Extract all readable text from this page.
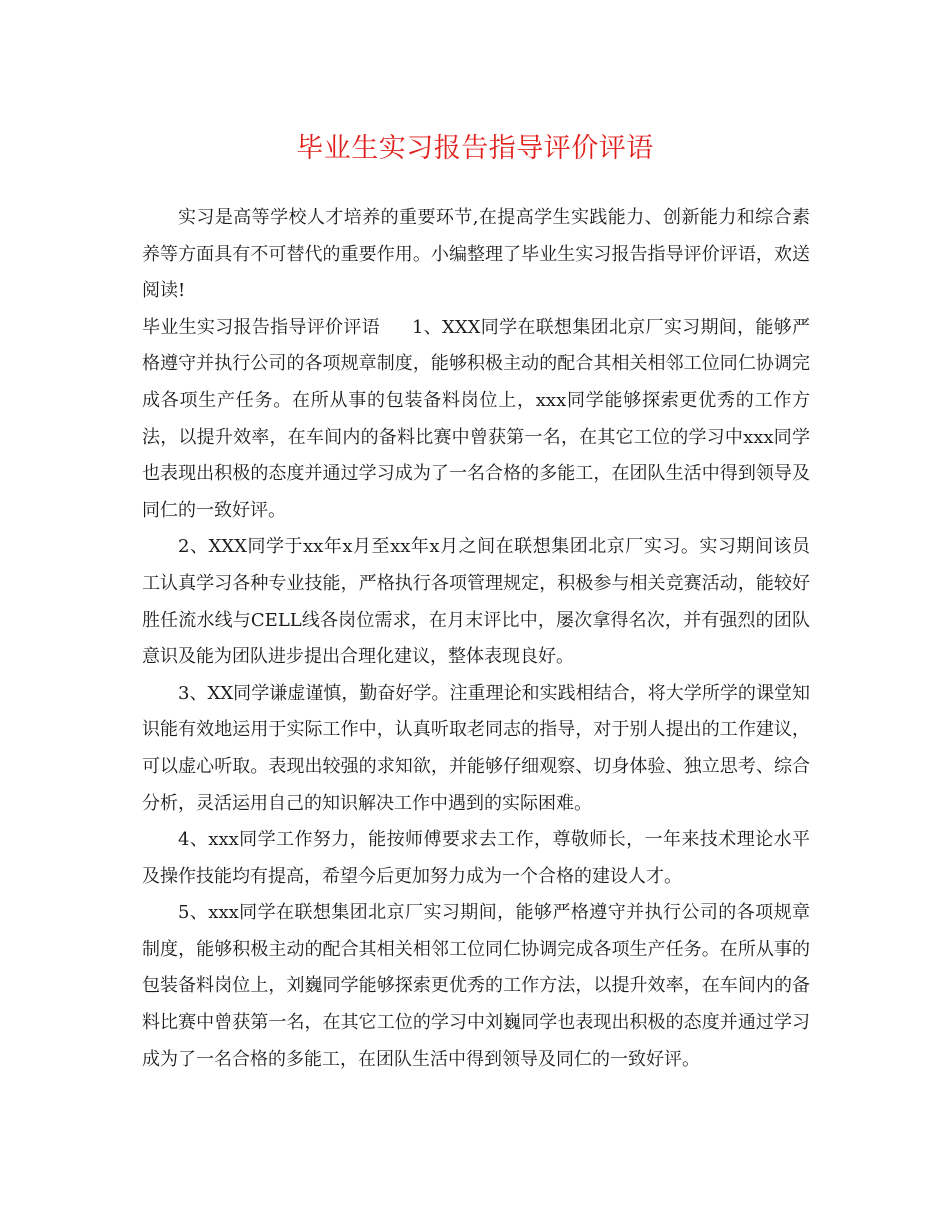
毕业生实习报告指导评价评语

实习是高等学校人才培养的重要环节,在提高学生实践能力、创新能力和综合素养等方面具有不可替代的重要作用。小编整理了毕业生实习报告指导评价评语，欢送阅读!

毕业生实习报告指导评价评语 1、XXX同学在联想集团北京厂实习期间，能够严格遵守并执行公司的各项规章制度，能够积极主动的配合其相关相邻工位同仁协调完成各项生产任务。在所从事的包装备料岗位上，xxx同学能够探索更优秀的工作方法，以提升效率，在车间内的备料比赛中曾获第一名，在其它工位的学习中xxx同学也表现出积极的态度并通过学习成为了一名合格的多能工，在团队生活中得到领导及同仁的一致好评。

2、XXX同学于xx年x月至xx年x月之间在联想集团北京厂实习。实习期间该员工认真学习各种专业技能，严格执行各项管理规定，积极参与相关竞赛活动，能较好胜任流水线与CELL线各岗位需求，在月末评比中，屡次拿得名次，并有强烈的团队意识及能为团队进步提出合理化建议，整体表现良好。

3、XX同学谦虚谨慎，勤奋好学。注重理论和实践相结合，将大学所学的课堂知识能有效地运用于实际工作中，认真听取老同志的指导，对于别人提出的工作建议，可以虚心听取。表现出较强的求知欲，并能够仔细观察、切身体验、独立思考、综合分析，灵活运用自己的知识解决工作中遇到的实际困难。

4、xxx同学工作努力，能按师傅要求去工作，尊敬师长，一年来技术理论水平及操作技能均有提高，希望今后更加努力成为一个合格的建设人才。

5、xxx同学在联想集团北京厂实习期间，能够严格遵守并执行公司的各项规章制度，能够积极主动的配合其相关相邻工位同仁协调完成各项生产任务。在所从事的包装备料岗位上，刘巍同学能够探索更优秀的工作方法，以提升效率，在车间内的备料比赛中曾获第一名，在其它工位的学习中刘巍同学也表现出积极的态度并通过学习成为了一名合格的多能工，在团队生活中得到领导及同仁的一致好评。
